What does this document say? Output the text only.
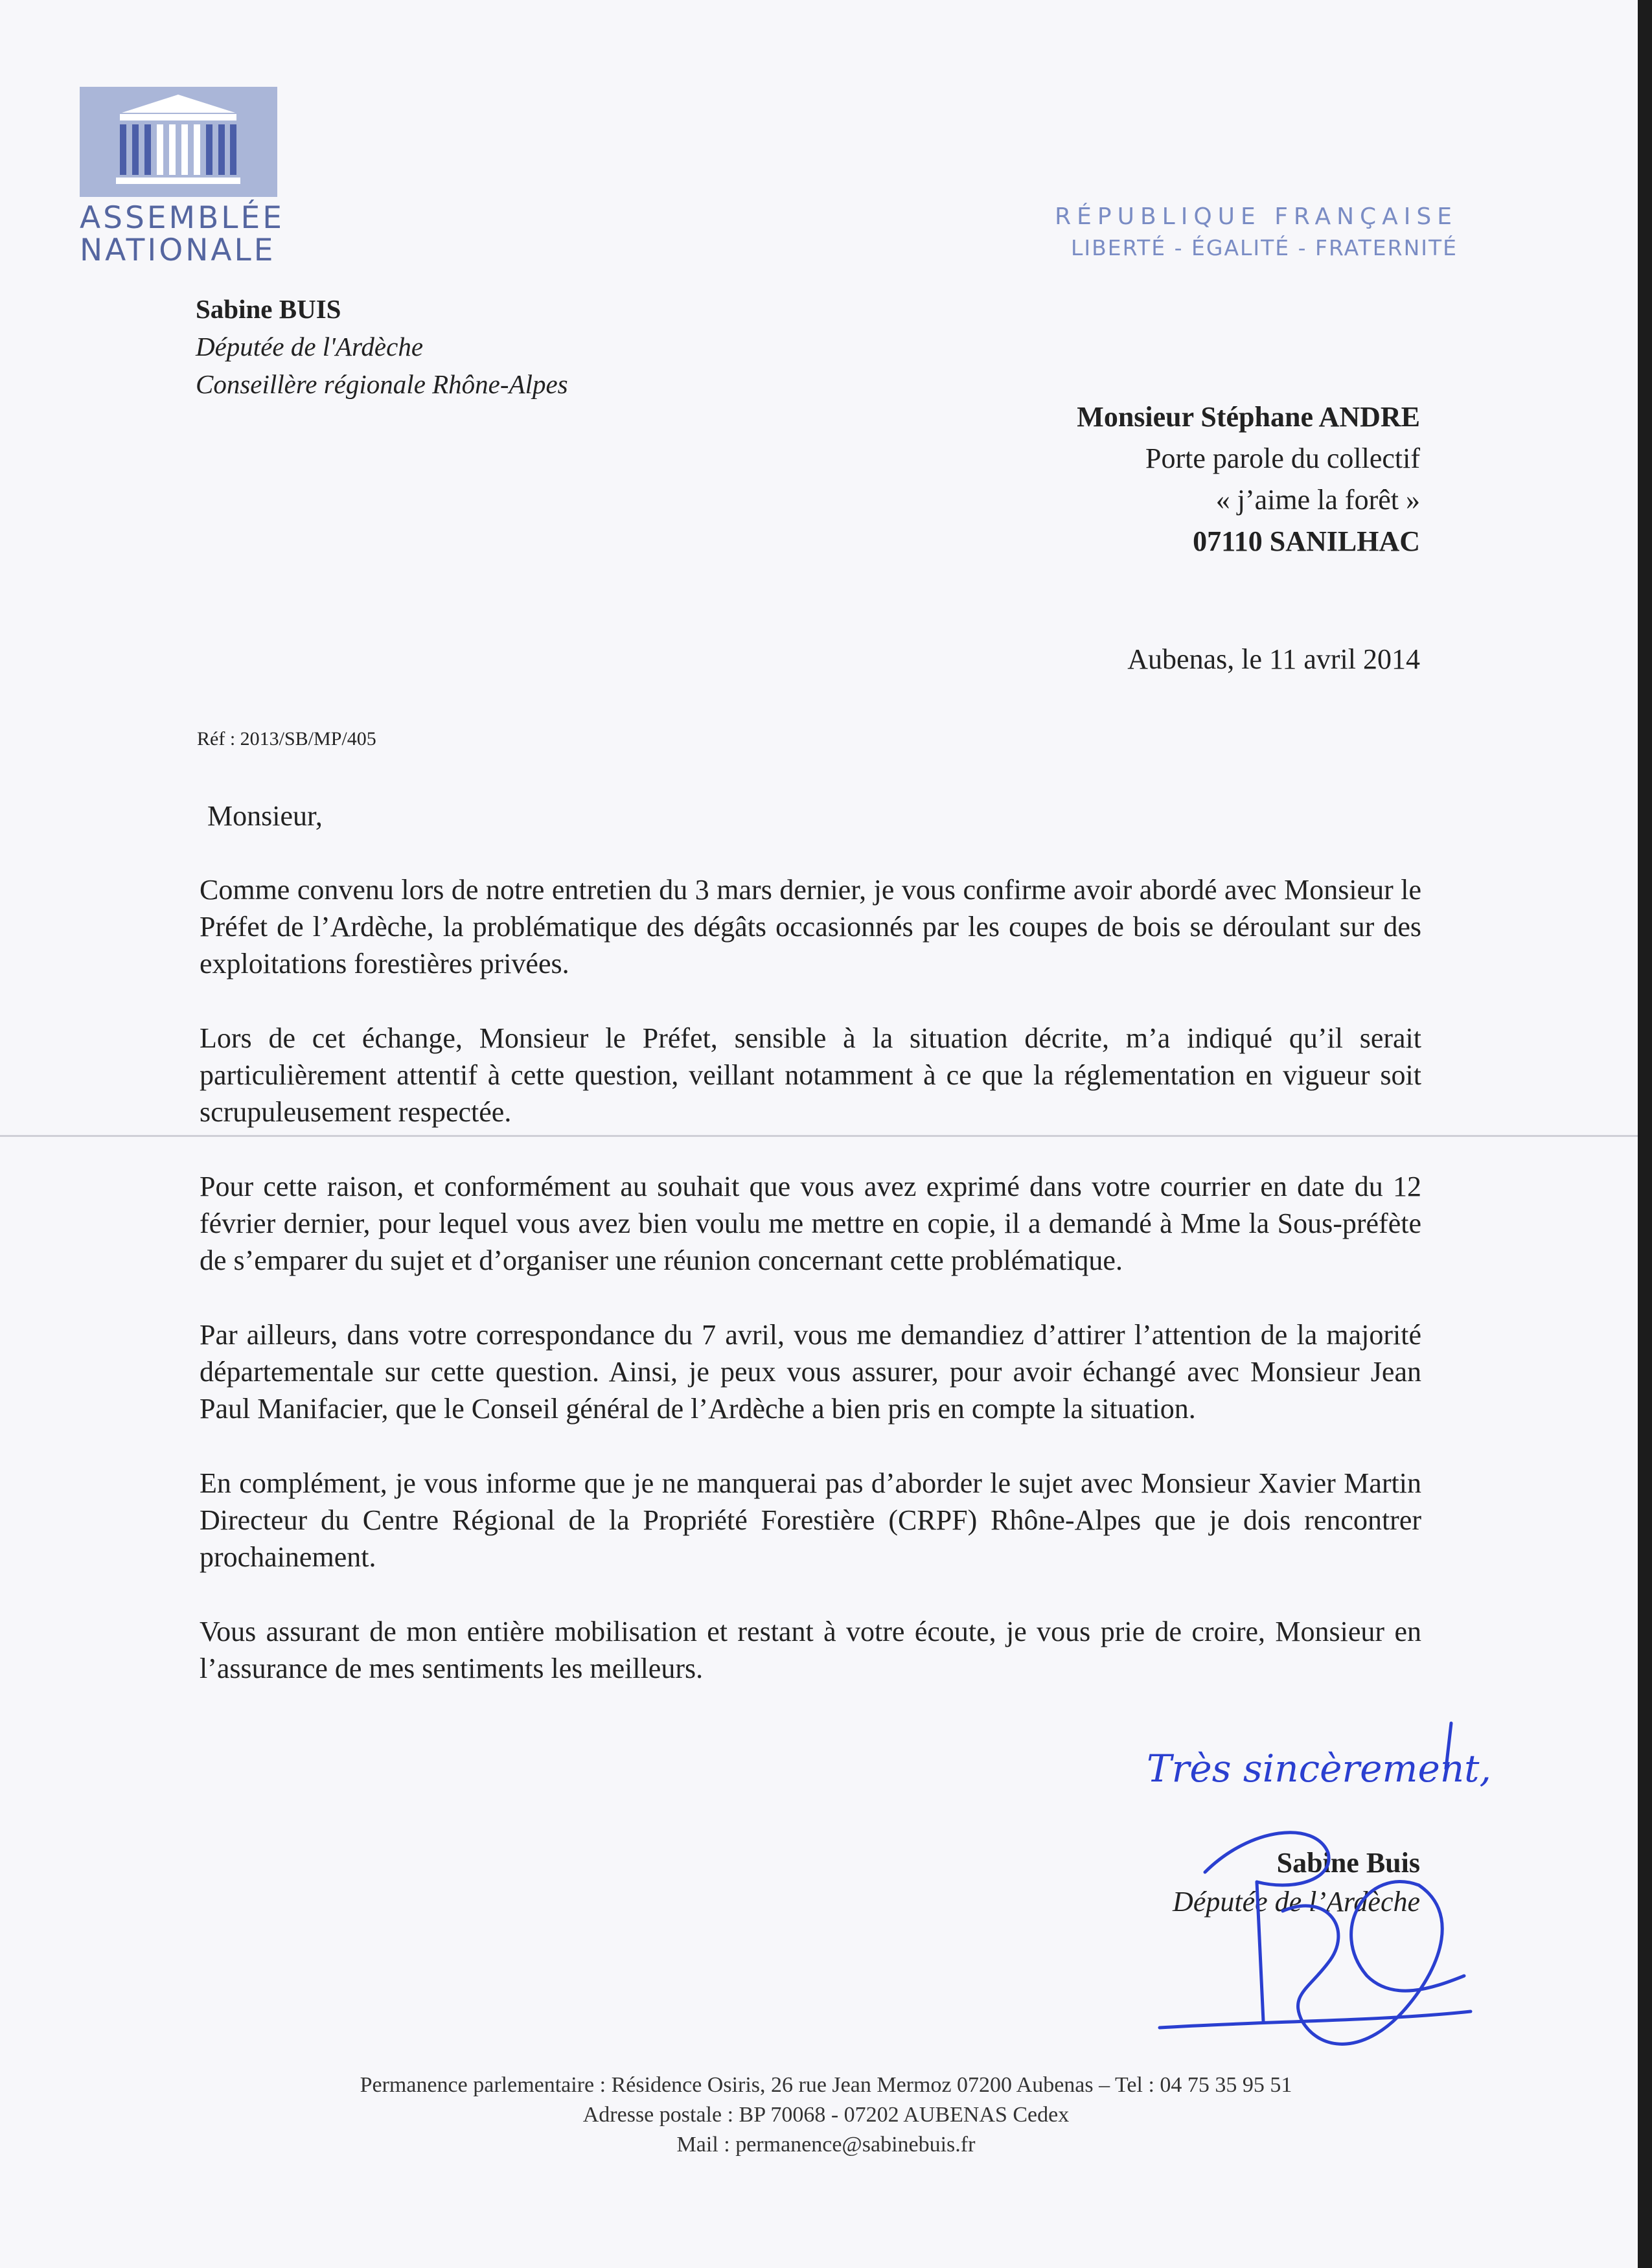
ASSEMBLÉE
NATIONALE
RÉPUBLIQUE FRANÇAISE
LIBERTÉ - ÉGALITÉ - FRATERNITÉ
Sabine BUIS
Députée de l'Ardèche
Conseillère régionale Rhône-Alpes
Monsieur Stéphane ANDRE
Porte parole du collectif
« j’aime la forêt »
07110 SANILHAC
Aubenas, le 11 avril 2014
Réf : 2013/SB/MP/405
Monsieur,

Comme convenu lors de notre entretien du 3 mars dernier, je vous confirme avoir abordé avec Monsieur le Préfet de l’Ardèche, la problématique des dégâts occasionnés par les coupes de bois se déroulant sur des exploitations forestières privées.

Lors de cet échange, Monsieur le Préfet, sensible à la situation décrite, m’a indiqué qu’il serait particulièrement attentif à cette question, veillant notamment à ce que la réglementation en vigueur soit scrupuleusement respectée.

Pour cette raison, et conformément au souhait que vous avez exprimé dans votre courrier en date du 12 février dernier, pour lequel vous avez bien voulu me mettre en copie, il a demandé à Mme la Sous-préfète de s’emparer du sujet et d’organiser une réunion concernant cette problématique.

Par ailleurs, dans votre correspondance du 7 avril, vous me demandiez d’attirer l’attention de la majorité départementale sur cette question. Ainsi, je peux vous assurer, pour avoir échangé avec Monsieur Jean Paul Manifacier, que le Conseil général de l’Ardèche a bien pris en compte la situation.

En complément, je vous informe que je ne manquerai pas d’aborder le sujet avec Monsieur Xavier Martin Directeur du Centre Régional de la Propriété Forestière (CRPF) Rhône-Alpes que je dois rencontrer prochainement.

Vous assurant de mon entière mobilisation et restant à votre écoute, je vous prie de croire, Monsieur en l’assurance de mes sentiments les meilleurs.

Sabine Buis
Députée de l’Ardèche
Très sincèrement,
Permanence parlementaire : Résidence Osiris, 26 rue Jean Mermoz 07200 Aubenas – Tel : 04 75 35 95 51
Adresse postale : BP 70068 - 07202 AUBENAS Cedex
Mail : permanence@sabinebuis.fr
